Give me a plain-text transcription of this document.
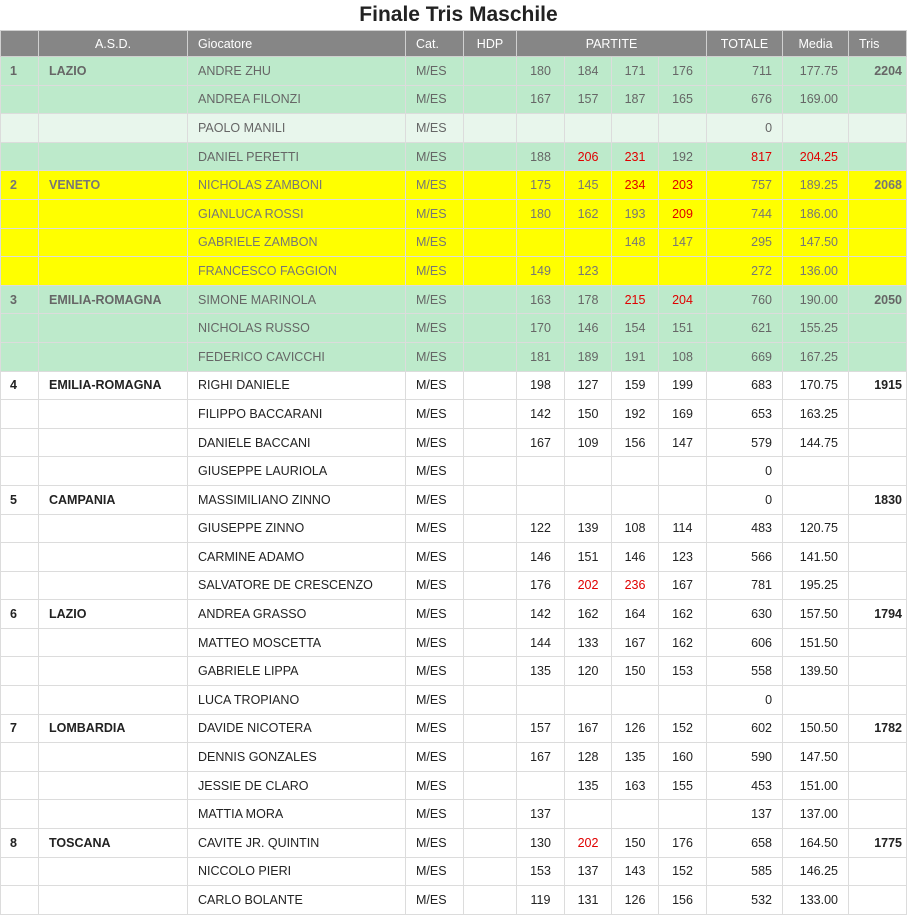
Finale Tris Maschile
	A.S.D.	Giocatore	Cat.	HDP	PARTITE				TOTALE	Media	Tris
1	LAZIO	ANDRE ZHU	M/ES		180	184	171	176	711	177.75	2204
		ANDREA FILONZI	M/ES		167	157	187	165	676	169.00	
		PAOLO MANILI	M/ES						0		
		DANIEL PERETTI	M/ES		188	206	231	192	817	204.25	
2	VENETO	NICHOLAS ZAMBONI	M/ES		175	145	234	203	757	189.25	2068
		GIANLUCA ROSSI	M/ES		180	162	193	209	744	186.00	
		GABRIELE ZAMBON	M/ES				148	147	295	147.50	
		FRANCESCO FAGGION	M/ES		149	123			272	136.00	
3	EMILIA-ROMAGNA	SIMONE MARINOLA	M/ES		163	178	215	204	760	190.00	2050
		NICHOLAS RUSSO	M/ES		170	146	154	151	621	155.25	
		FEDERICO CAVICCHI	M/ES		181	189	191	108	669	167.25	
4	EMILIA-ROMAGNA	RIGHI DANIELE	M/ES		198	127	159	199	683	170.75	1915
		FILIPPO BACCARANI	M/ES		142	150	192	169	653	163.25	
		DANIELE BACCANI	M/ES		167	109	156	147	579	144.75	
		GIUSEPPE LAURIOLA	M/ES						0		
5	CAMPANIA	MASSIMILIANO ZINNO	M/ES						0		1830
		GIUSEPPE ZINNO	M/ES		122	139	108	114	483	120.75	
		CARMINE ADAMO	M/ES		146	151	146	123	566	141.50	
		SALVATORE DE CRESCENZO	M/ES		176	202	236	167	781	195.25	
6	LAZIO	ANDREA GRASSO	M/ES		142	162	164	162	630	157.50	1794
		MATTEO MOSCETTA	M/ES		144	133	167	162	606	151.50	
		GABRIELE LIPPA	M/ES		135	120	150	153	558	139.50	
		LUCA TROPIANO	M/ES						0		
7	LOMBARDIA	DAVIDE NICOTERA	M/ES		157	167	126	152	602	150.50	1782
		DENNIS GONZALES	M/ES		167	128	135	160	590	147.50	
		JESSIE DE CLARO	M/ES			135	163	155	453	151.00	
		MATTIA MORA	M/ES		137				137	137.00	
8	TOSCANA	CAVITE JR. QUINTIN	M/ES		130	202	150	176	658	164.50	1775
		NICCOLO PIERI	M/ES		153	137	143	152	585	146.25	
		CARLO BOLANTE	M/ES		119	131	126	156	532	133.00	
